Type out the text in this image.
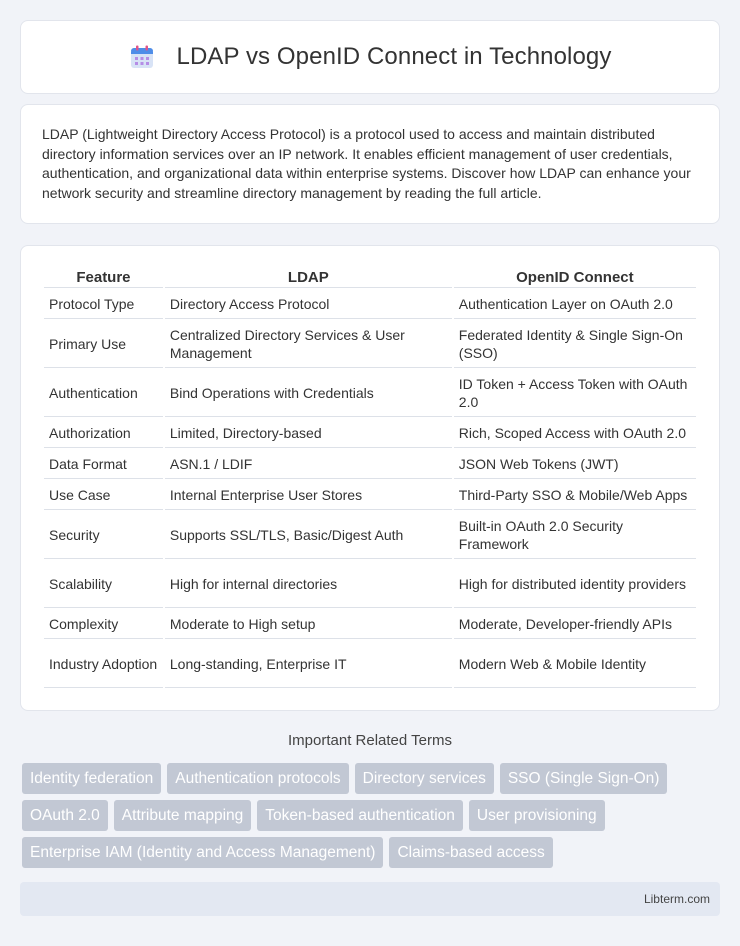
LDAP vs OpenID Connect in Technology

LDAP (Lightweight Directory Access Protocol) is a protocol used to access and maintain distributed directory information services over an IP network. It enables efficient management of user credentials, authentication, and organizational data within enterprise systems. Discover how LDAP can enhance your network security and streamline directory management by reading the full article.

Feature	LDAP	OpenID Connect
Protocol Type	Directory Access Protocol	Authentication Layer on OAuth 2.0
Primary Use	Centralized Directory Services & User Management	Federated Identity & Single Sign-On (SSO)
Authentication	Bind Operations with Credentials	ID Token + Access Token with OAuth 2.0
Authorization	Limited, Directory-based	Rich, Scoped Access with OAuth 2.0
Data Format	ASN.1 / LDIF	JSON Web Tokens (JWT)
Use Case	Internal Enterprise User Stores	Third-Party SSO & Mobile/Web Apps
Security	Supports SSL/TLS, Basic/Digest Auth	Built-in OAuth 2.0 Security Framework
Scalability	High for internal directories	High for distributed identity providers
Complexity	Moderate to High setup	Moderate, Developer-friendly APIs
Industry Adoption	Long-standing, Enterprise IT	Modern Web & Mobile Identity
Important Related Terms
Identity federation	Authentication protocols	Directory services	SSO (Single Sign-On)
OAuth 2.0	Attribute mapping	Token-based authentication	User provisioning
Enterprise IAM (Identity and Access Management)	Claims-based access
Libterm.com
